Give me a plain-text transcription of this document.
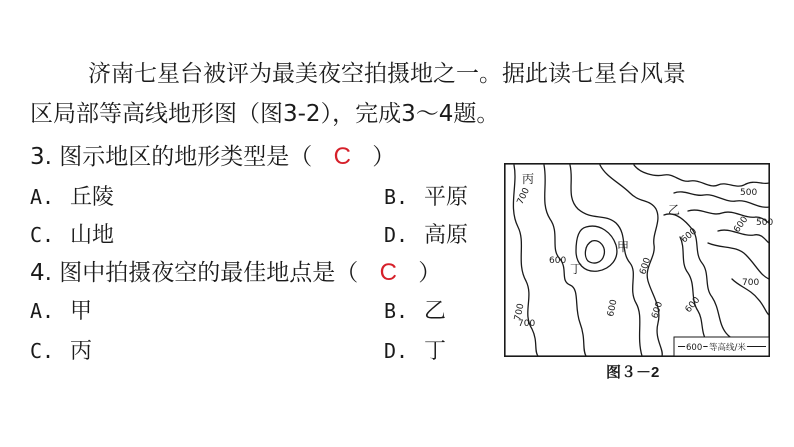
济南七星台被评为最美夜空拍摄地之一。据此读七星台风景
区局部等高线地形图（图3-2），完成3～4题。
3. 图示地区的地形类型是（ C ）
A. 丘陵	B. 平原
C. 山地	D. 高原
4. 图中拍摄夜空的最佳地点是（ C ）
A. 甲	B. 乙
C. 丙	D. 丁
700
600
600
700	600 600
600
500
600
700
500
600
700
丙
乙
甲
丁
600 等高线/米
图３－2
